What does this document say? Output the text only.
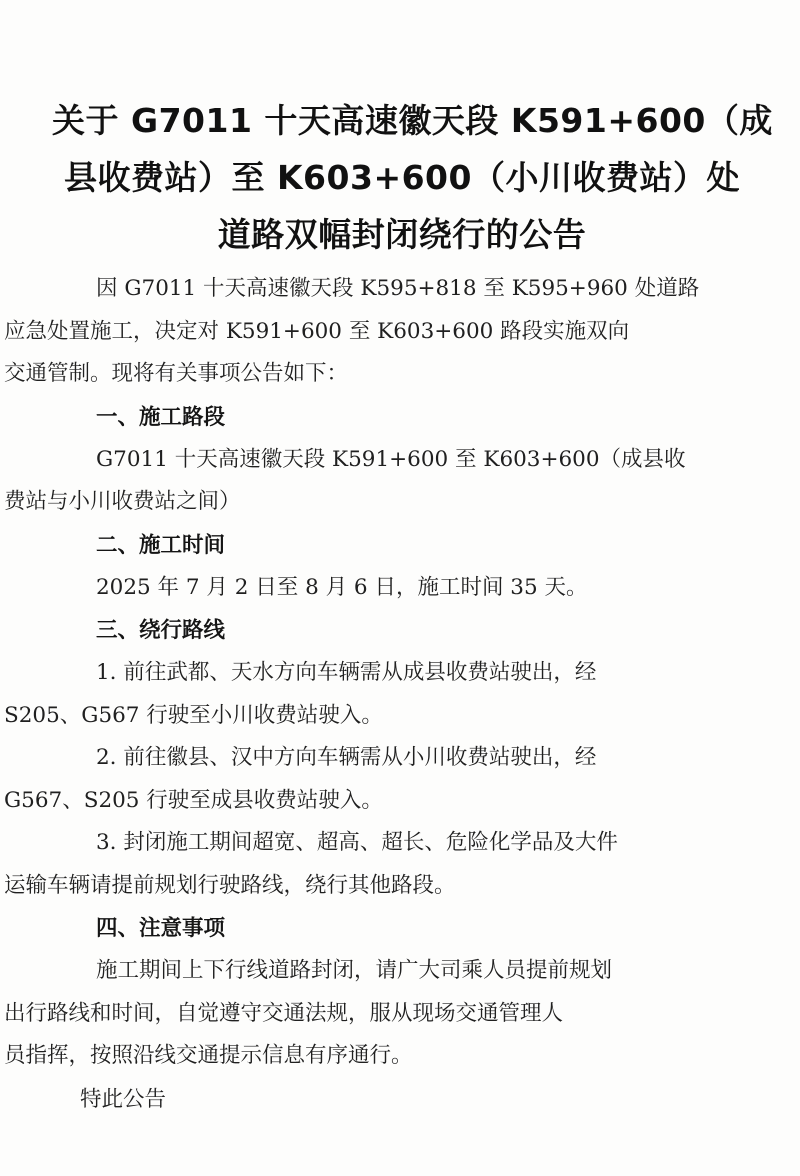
关于 G7011 十天高速徽天段 K591+600（成
县收费站）至 K603+600（小川收费站）处
道路双幅封闭绕行的公告

因 G7011 十天高速徽天段 K595+818 至 K595+960 处道路
应急处置施工，决定对 K591+600 至 K603+600 路段实施双向
交通管制。现将有关事项公告如下：

一、施工路段

G7011 十天高速徽天段 K591+600 至 K603+600（成县收
费站与小川收费站之间）

二、施工时间

2025 年 7 月 2 日至 8 月 6 日，施工时间 35 天。

三、绕行路线

1. 前往武都、天水方向车辆需从成县收费站驶出，经
S205、G567 行驶至小川收费站驶入。

2. 前往徽县、汉中方向车辆需从小川收费站驶出，经
G567、S205 行驶至成县收费站驶入。

3. 封闭施工期间超宽、超高、超长、危险化学品及大件
运输车辆请提前规划行驶路线，绕行其他路段。

四、注意事项

施工期间上下行线道路封闭，请广大司乘人员提前规划
出行路线和时间，自觉遵守交通法规，服从现场交通管理人
员指挥，按照沿线交通提示信息有序通行。

特此公告
